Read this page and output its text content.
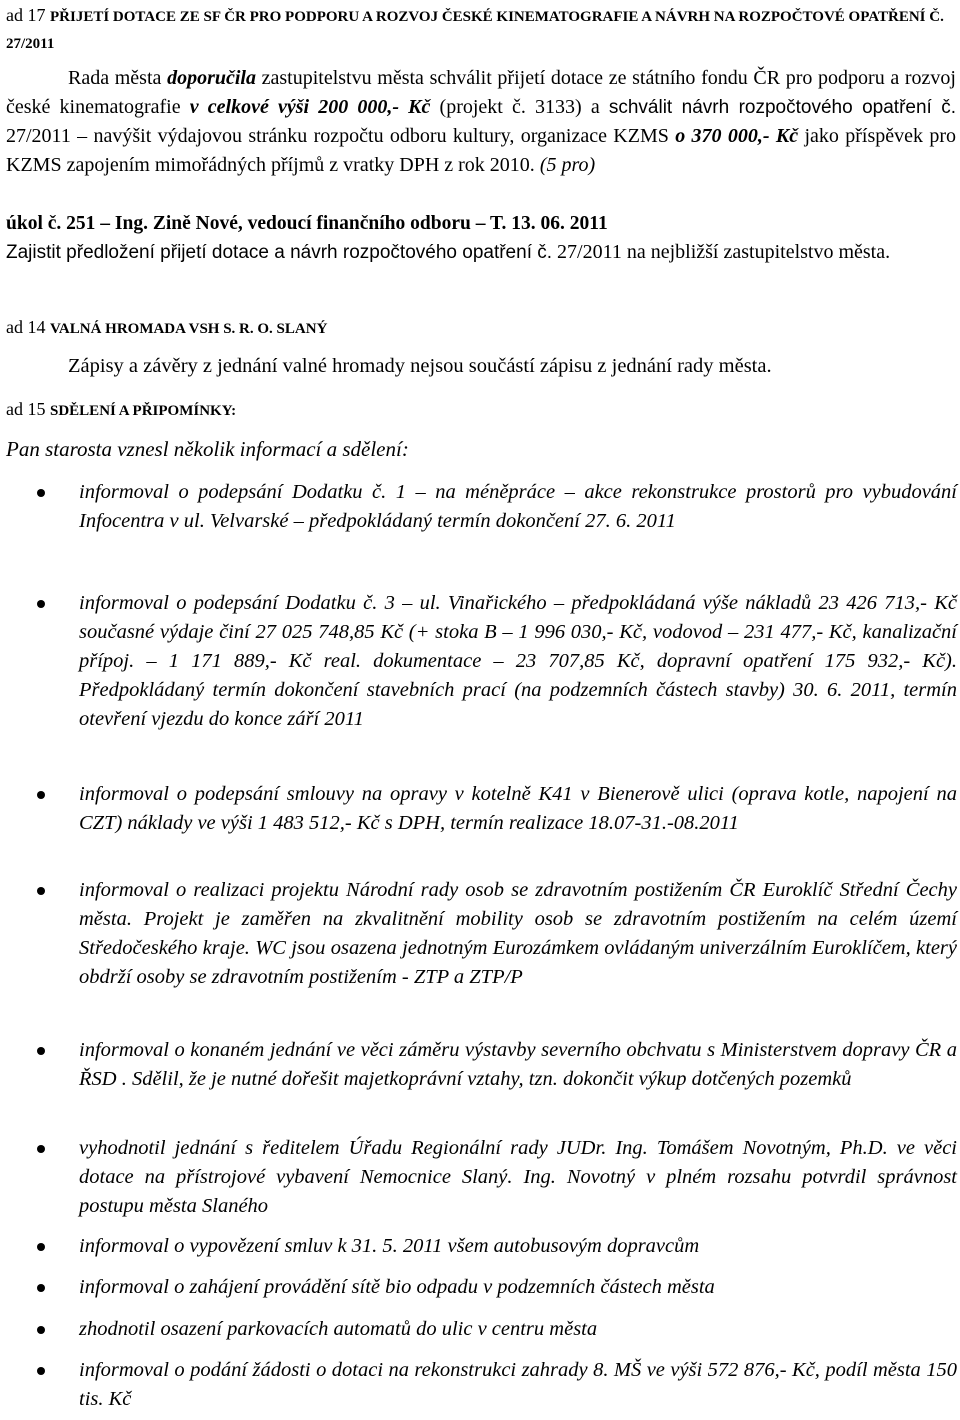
ad 17 PŘIJETÍ DOTACE ZE SF ČR PRO PODPORU A ROZVOJ ČESKÉ KINEMATOGRAFIE A NÁVRH NA ROZPOČTOVÉ OPATŘENÍ Č. 27/2011
Rada města doporučila zastupitelstvu města schválit přijetí dotace ze státního fondu ČR pro podporu a rozvoj české kinematografie v celkové výši 200 000,- Kč (projekt č. 3133) a schválit návrh rozpočtového opatření č. 27/2011 – navýšit výdajovou stránku rozpočtu odboru kultury, organizace KZMS o 370 000,- Kč jako příspěvek pro KZMS zapojením mimořádných příjmů z vratky DPH z rok 2010. (5 pro)
úkol č. 251 – Ing. Zině Nové, vedoucí finančního odboru – T. 13. 06. 2011
Zajistit předložení přijetí dotace a návrh rozpočtového opatření č. 27/2011 na nejbližší zastupitelstvo města.
ad 14 VALNÁ HROMADA VSH S. R. O. SLANÝ
Zápisy a závěry z jednání valné hromady nejsou součástí zápisu z jednání rady města.
ad 15 SDĚLENÍ A PŘIPOMÍNKY:
Pan starosta vznesl několik informací a sdělení:
informoval o podepsání Dodatku č. 1 – na méněpráce – akce rekonstrukce prostorů pro vybudování Infocentra v ul. Velvarské – předpokládaný termín dokončení 27. 6. 2011
informoval o podepsání Dodatku č. 3 – ul. Vinařického – předpokládaná výše nákladů 23 426 713,- Kč současné výdaje činí 27 025 748,85 Kč (+ stoka B – 1 996 030,- Kč, vodovod – 231 477,- Kč, kanalizační přípoj. – 1 171 889,- Kč real. dokumentace – 23 707,85 Kč, dopravní opatření 175 932,- Kč). Předpokládaný termín dokončení stavebních prací (na podzemních částech stavby) 30. 6. 2011, termín otevření vjezdu do konce září 2011
informoval o podepsání smlouvy na opravy v kotelně K41 v Bienerově ulici (oprava kotle, napojení na CZT) náklady ve výši 1 483 512,- Kč s DPH, termín realizace 18.07-31.-08.2011
informoval o realizaci projektu Národní rady osob se zdravotním postižením ČR Euroklíč Střední Čechy města. Projekt je zaměřen na zkvalitnění mobility osob se zdravotním postižením na celém území Středočeského kraje. WC jsou osazena jednotným Eurozámkem ovládaným univerzálním Euroklíčem, který obdrží osoby se zdravotním postižením - ZTP a ZTP/P
informoval o konaném jednání ve věci záměru výstavby severního obchvatu s Ministerstvem dopravy ČR a ŘSD . Sdělil, že je nutné dořešit majetkoprávní vztahy, tzn. dokončit výkup dotčených pozemků
vyhodnotil jednání s ředitelem Úřadu Regionální rady JUDr. Ing. Tomášem Novotným, Ph.D. ve věci dotace na přístrojové vybavení Nemocnice Slaný. Ing. Novotný v plném rozsahu potvrdil správnost postupu města Slaného
informoval o vypovězení smluv k 31. 5. 2011 všem autobusovým dopravcům
informoval o zahájení provádění sítě bio odpadu v podzemních částech města
zhodnotil osazení parkovacích automatů do ulic v centru města
informoval o podání žádosti o dotaci na rekonstrukci zahrady 8. MŠ ve výši 572 876,- Kč, podíl města 150 tis. Kč
